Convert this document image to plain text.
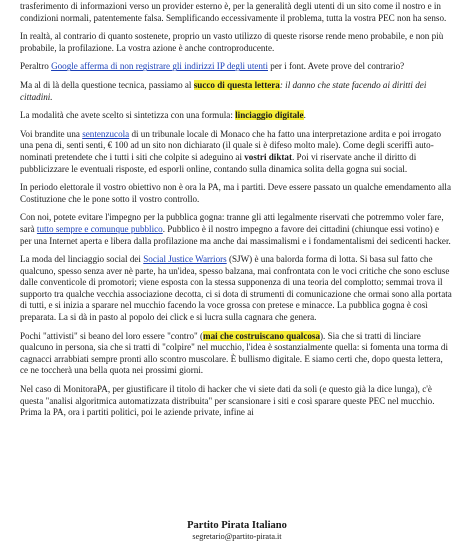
trasferimento di informazioni verso un provider esterno è, per la generalità degli utenti di un sito come il nostro e in condizioni normali, patentemente falsa. Semplificando eccessivamente il problema, tutta la vostra PEC non ha senso.

In realtà, al contrario di quanto sostenete, proprio un vasto utilizzo di queste risorse rende meno probabile, e non più probabile, la profilazione. La vostra azione è anche controproducente.

Peraltro Google afferma di non registrare gli indirizzi IP degli utenti per i font. Avete prove del contrario?

Ma al di là della questione tecnica, passiamo al succo di questa lettera: il danno che state facendo ai diritti dei cittadini.

La modalità che avete scelto si sintetizza con una formula: linciaggio digitale.

Voi brandite una sentenzucola di un tribunale locale di Monaco che ha fatto una interpretazione ardita e poi irrogato una pena di, senti senti, € 100 ad un sito non dichiarato (il quale si è difeso molto male). Come degli sceriffi auto-nominati pretendete che i tutti i siti che colpite si adeguino ai vostri diktat. Poi vi riservate anche il diritto di pubblicizzare le eventuali risposte, ed esporli online, contando sulla dinamica solita della gogna sui social.

In periodo elettorale il vostro obiettivo non è ora la PA, ma i partiti. Deve essere passato un qualche emendamento alla Costituzione che le pone sotto il vostro controllo.

Con noi, potete evitare l'impegno per la pubblica gogna: tranne gli atti legalmente riservati che potremmo voler fare, sarà tutto sempre e comunque pubblico. Pubblico è il nostro impegno a favore dei cittadini (chiunque essi votino) e per una Internet aperta e libera dalla profilazione ma anche dai massimalismi e i fondamentalismi dei sedicenti hacker.

La moda del linciaggio social dei Social Justice Warriors (SJW) è una balorda forma di lotta. Si basa sul fatto che qualcuno, spesso senza aver nè parte, ha un'idea, spesso balzana, mai confrontata con le voci critiche che sono escluse dalle conventicole di promotori; viene esposta con la stessa supponenza di una teoria del complotto; semmai trova il supporto tra qualche vecchia associazione decotta, ci si dota di strumenti di comunicazione che ormai sono alla portata di tutti, e si inizia a sparare nel mucchio facendo la voce grossa con pretese e minacce. La pubblica gogna è così preparata. La si dà in pasto al popolo dei click e si lucra sulla cagnara che genera.

Pochi "attivisti" si beano del loro essere "contro" (mai che costruiscano qualcosa). Sia che si tratti di linciare qualcuno in persona, sia che si tratti di "colpire" nel mucchio, l'idea è sostanzialmente quella: si fomenta una torma di cagnacci arrabbiati sempre pronti allo scontro muscolare. È bullismo digitale. E siamo certi che, dopo questa lettera, ce ne toccherà una bella quota nei prossimi giorni.

Nel caso di MonitoraPA, per giustificare il titolo di hacker che vi siete dati da soli (e questo già la dice lunga), c'è questa "analisi algoritmica automatizzata distribuita" per scansionare i siti e così sparare queste PEC nel mucchio. Prima la PA, ora i partiti politici, poi le aziende private, infine ai

Partito Pirata Italiano
segretario@partito-pirata.it
